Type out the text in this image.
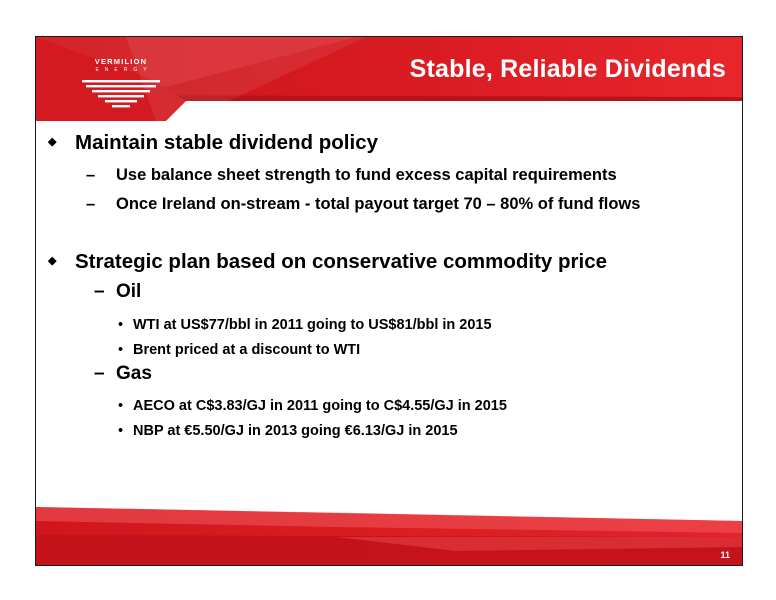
VERMILION
ENERGY	Stable, Reliable Dividends
◆ Maintain stable dividend policy
– Use balance sheet strength to fund excess capital requirements
– Once Ireland on-stream - total payout target 70 – 80% of fund flows
◆ Strategic plan based on conservative commodity price
– Oil
• WTI at US$77/bbl in 2011 going to US$81/bbl in 2015
• Brent priced at a discount to WTI
– Gas
• AECO at C$3.83/GJ in 2011 going to C$4.55/GJ in 2015
• NBP at €5.50/GJ in 2013 going €6.13/GJ in 2015
11
